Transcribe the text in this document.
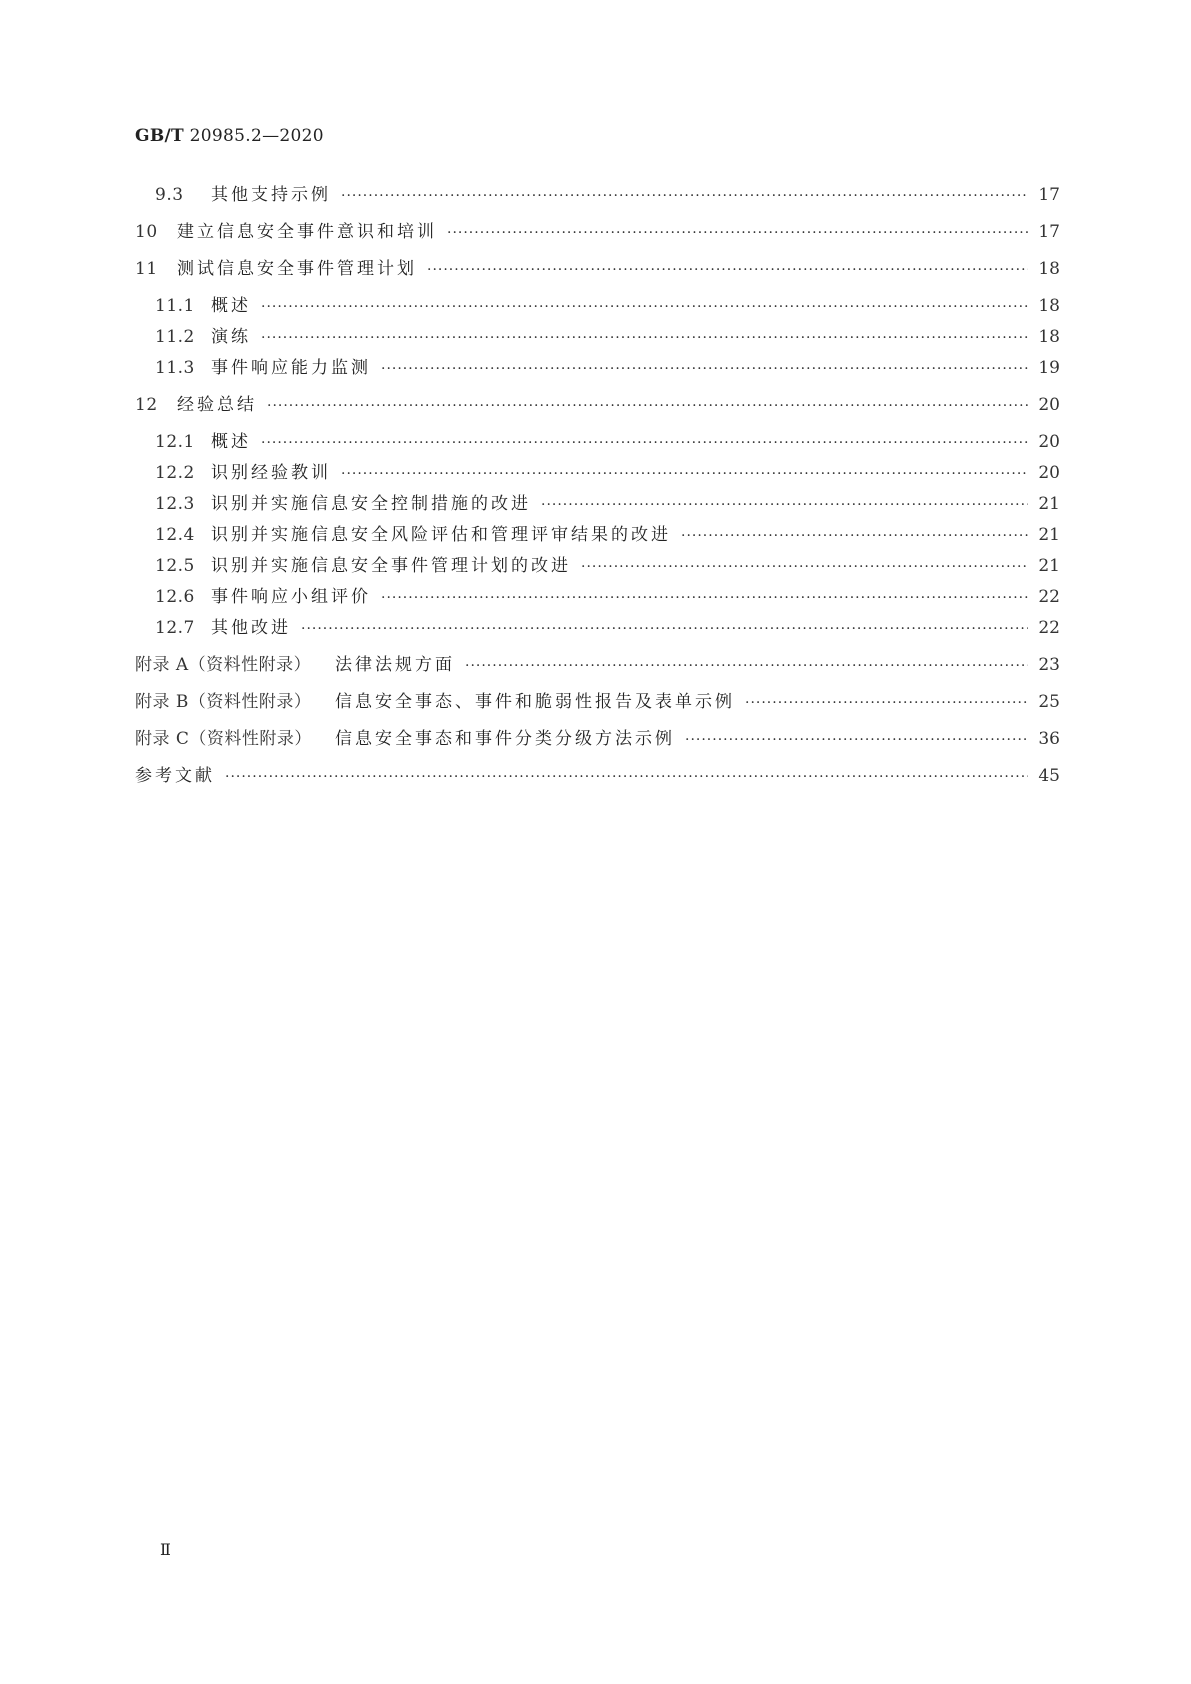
GB/T 20985.2—2020
9.3	其他支持示例 ·····	17
10	建立信息安全事件意识和培训 ·····	17
11	测试信息安全事件管理计划 ·····	18
11.1 概述 ·····	18
11.2 演练 ·····	18
11.3 事件响应能力监测 ·····	19
12	经验总结 ·····	20
12.1 概述 ·····	20
12.2 识别经验教训 ·····	20
12.3 识别并实施信息安全控制措施的改进 ·····	21
12.4 识别并实施信息安全风险评估和管理评审结果的改进 ·····	21
12.5 识别并实施信息安全事件管理计划的改进 ·····	21
12.6 事件响应小组评价 ·····	22
12.7 其他改进 ·····	22
附录 A（资料性附录）	法律法规方面 ·····	23
附录 B（资料性附录）	信息安全事态、事件和脆弱性报告及表单示例 ·····	25
附录 C（资料性附录）	信息安全事态和事件分类分级方法示例 ·····	36
参考文献 ·····	45
Ⅱ
